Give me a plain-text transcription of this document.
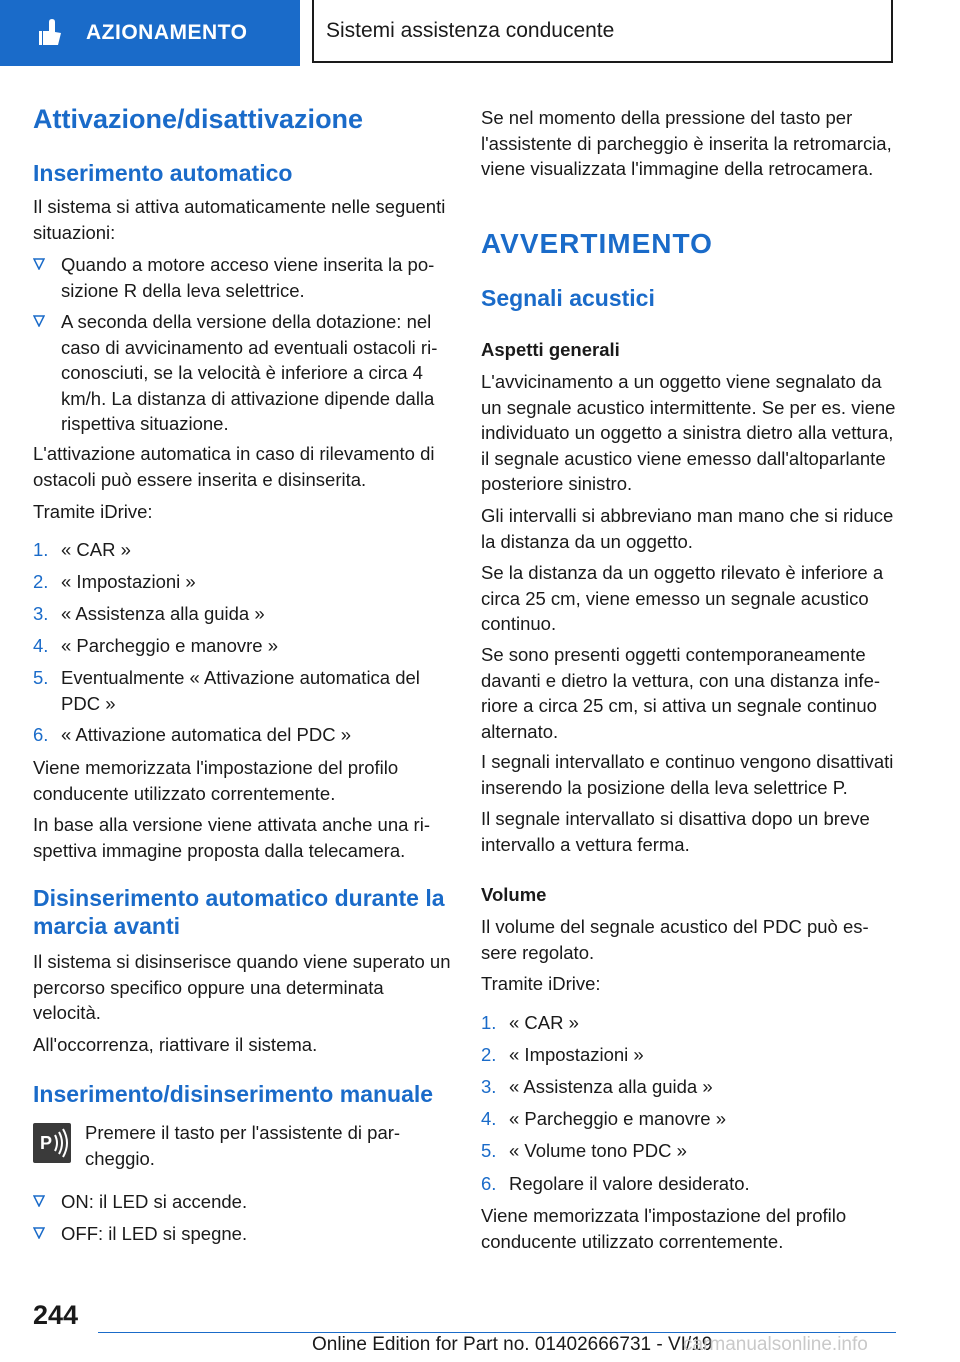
AZIONAMENTO	Sistemi assistenza conducente
Attivazione/disattivazione
Inserimento automatico

Il sistema si attiva automaticamente nelle seguenti situazioni:

Quando a motore acceso viene inserita la posizione R della leva selettrice.
A seconda della versione della dotazione: nel caso di avvicinamento ad eventuali ostacoli riconosciuti, se la velocità è inferiore a circa 4 km/h. La distanza di attivazione dipende dalla rispettiva situazione.

L'attivazione automatica in caso di rilevamento di ostacoli può essere inserita e disinserita.

Tramite iDrive:

1. « CAR »
2. « Impostazioni »
3. « Assistenza alla guida »
4. « Parcheggio e manovre »
5. Eventualmente « Attivazione automatica del PDC »
6. « Attivazione automatica del PDC »

Viene memorizzata l'impostazione del profilo conducente utilizzato correntemente.

In base alla versione viene attivata anche una rispettiva immagine proposta dalla telecamera.

Disinserimento automatico durante la marcia avanti

Il sistema si disinserisce quando viene superato un percorso specifico oppure una determinata velocità.

All'occorrenza, riattivare il sistema.

Inserimento/disinserimento manuale
P Premere il tasto per l'assistente di parcheggio.

ON: il LED si accende.
OFF: il LED si spegne.

Se nel momento della pressione del tasto per l'assistente di parcheggio è inserita la retromarcia, viene visualizzata l'immagine della retrocamera.

AVVERTIMENTO
Segnali acustici
Aspetti generali

L'avvicinamento a un oggetto viene segnalato da un segnale acustico intermittente. Se per es. viene individuato un oggetto a sinistra dietro alla vettura, il segnale acustico viene emesso dall'altoparlante posteriore sinistro.

Gli intervalli si abbreviano man mano che si riduce la distanza da un oggetto.

Se la distanza da un oggetto rilevato è inferiore a circa 25 cm, viene emesso un segnale acustico continuo.

Se sono presenti oggetti contemporaneamente davanti e dietro la vettura, con una distanza inferiore a circa 25 cm, si attiva un segnale continuo alternato.

I segnali intervallato e continuo vengono disattivati inserendo la posizione della leva selettrice P.

Il segnale intervallato si disattiva dopo un breve intervallo a vettura ferma.

Volume

Il volume del segnale acustico del PDC può essere regolato.

Tramite iDrive:

1. « CAR »
2. « Impostazioni »
3. « Assistenza alla guida »
4. « Parcheggio e manovre »
5. « Volume tono PDC »
6. Regolare il valore desiderato.

Viene memorizzata l'impostazione del profilo conducente utilizzato correntemente.

244
Online Edition for Part no. 01402666731 - VI/19
carmanualsonline.info
